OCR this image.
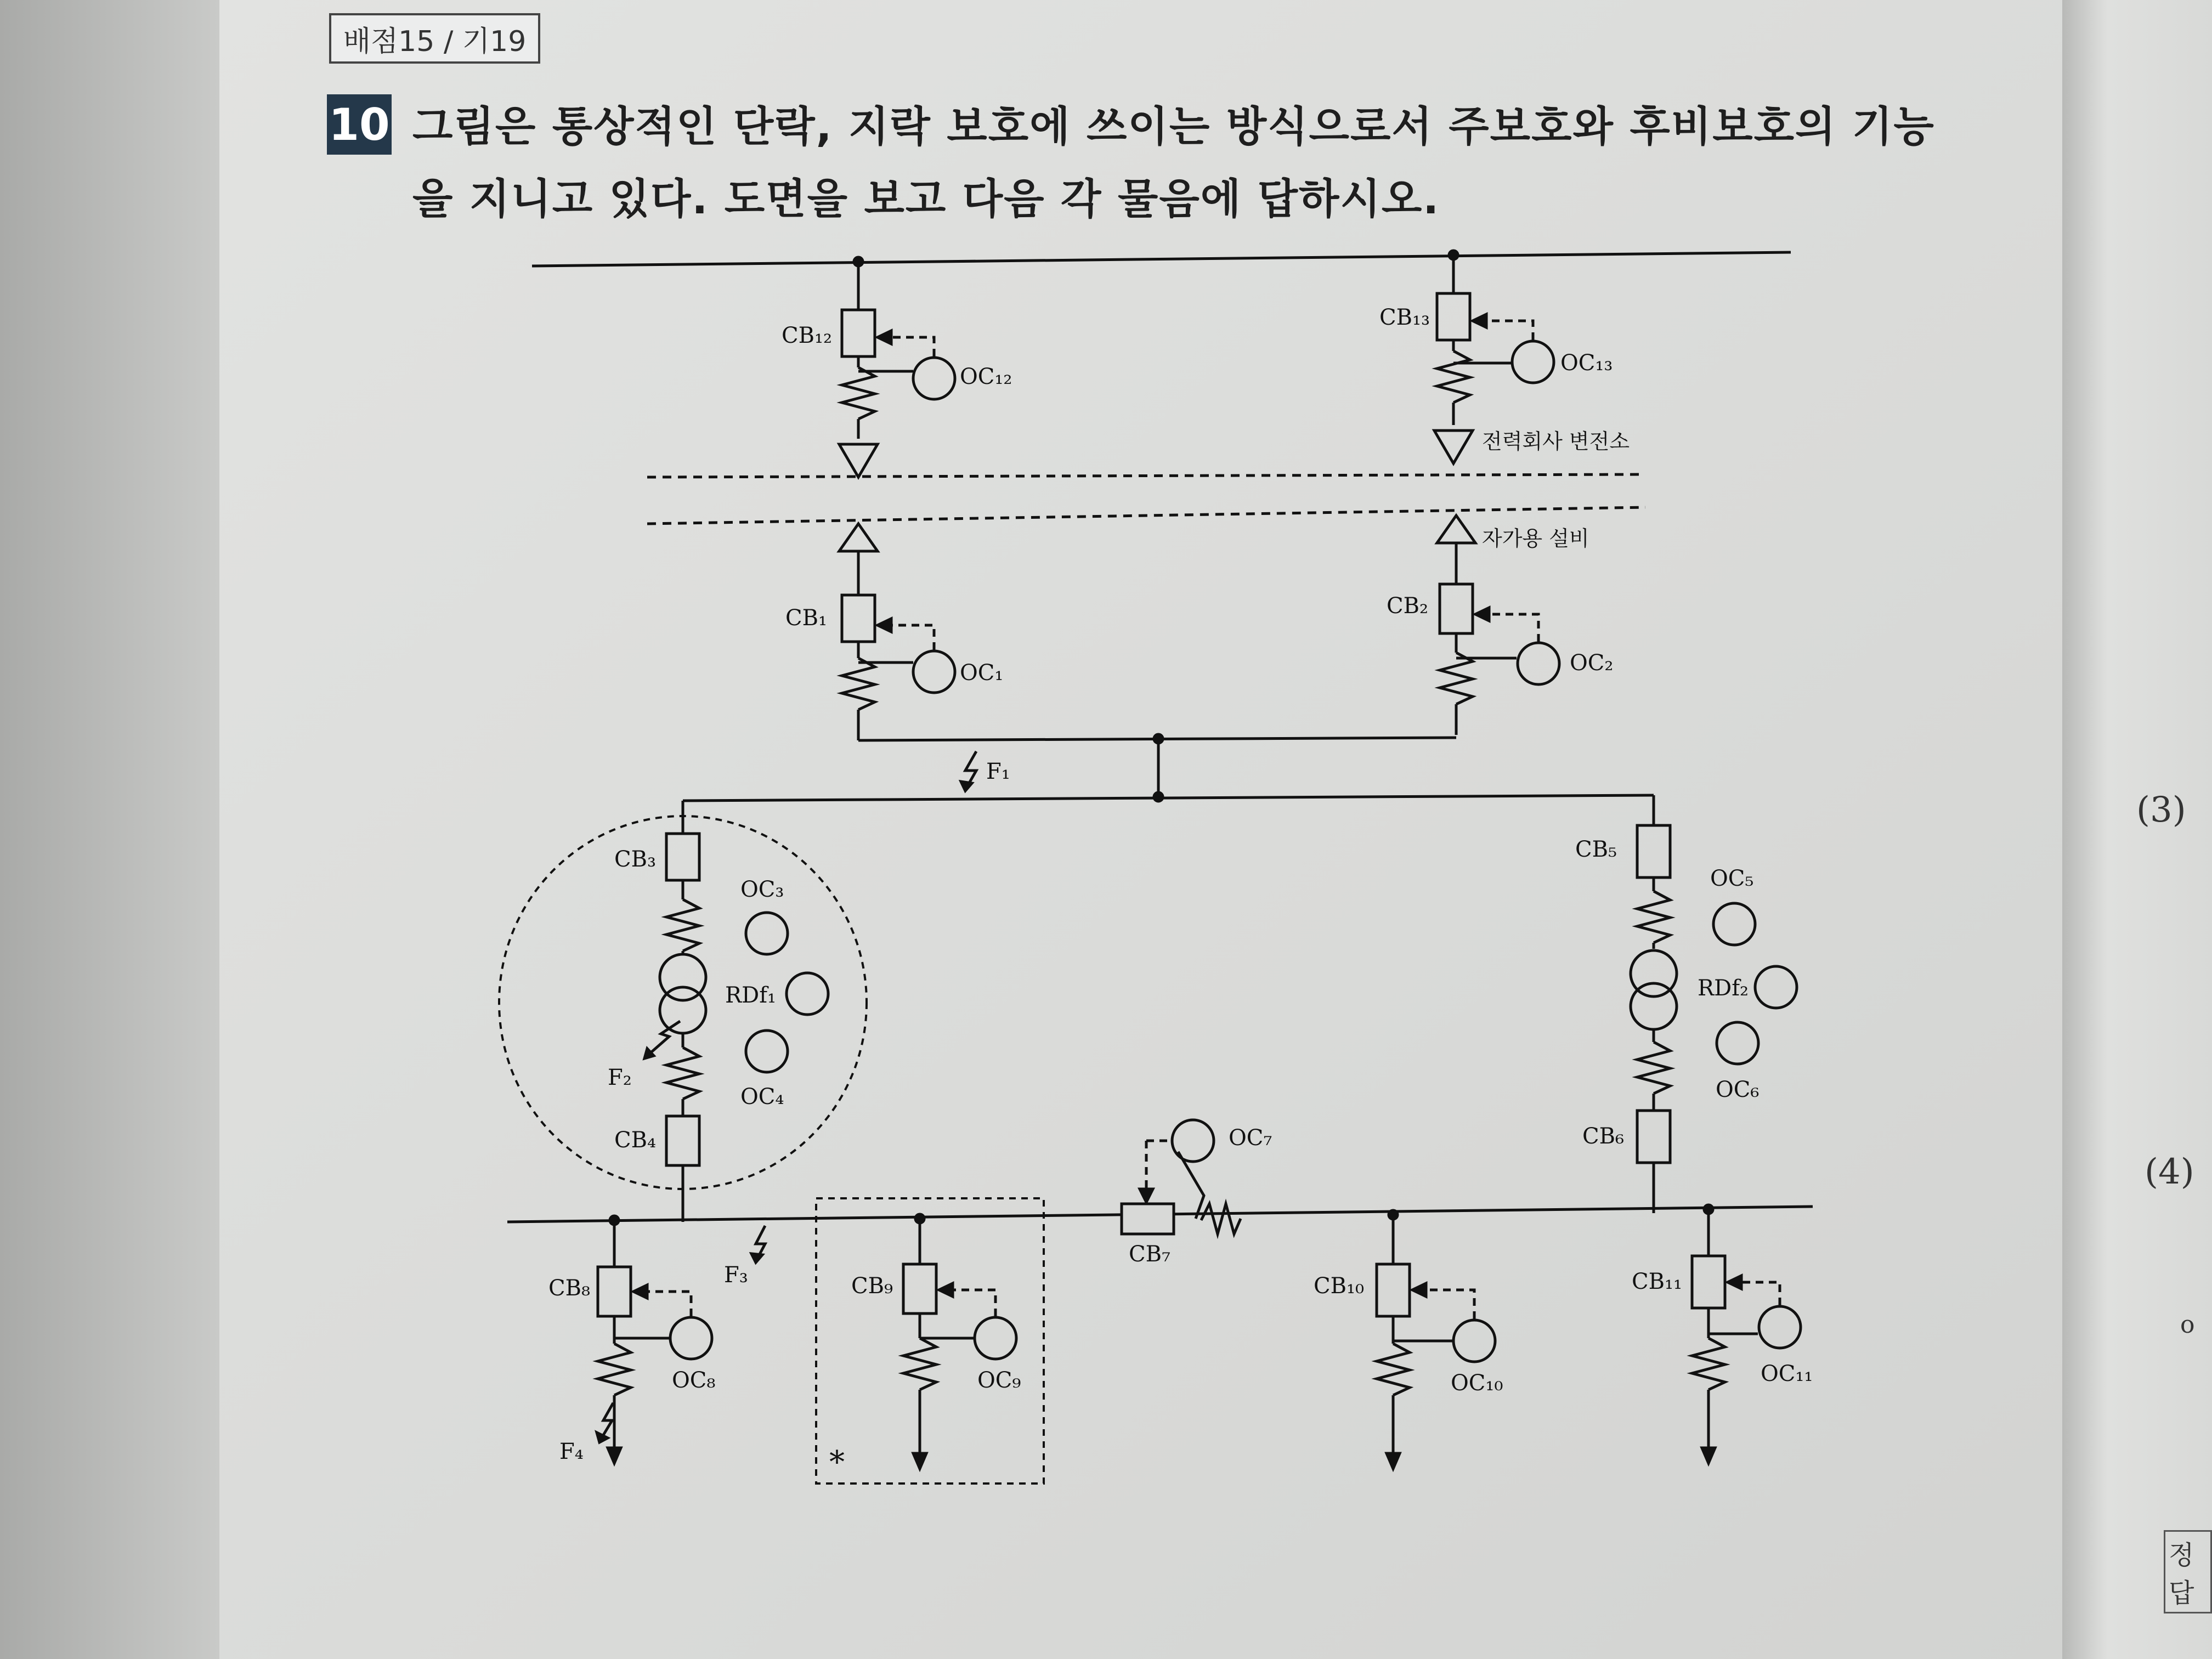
배점15 / 기19
10 그림은 통상적인 단락, 지락 보호에 쓰이는 방식으로서 주보호와 후비보호의 기능을 지니고 있다. 도면을 보고 다음 각 물음에 답하시오.
(3)
(4)
o
정답
CB₁₂
OC₁₂
CB₁₃
OC₁₃
전력회사 변전소
자가용 설비
CB₁
OC₁
CB₂
OC₂
F₁
CB₃
OC₃
RDf₁
F₂
OC₄
CB₄
CB₅
OC₅
RDf₂
OC₆
CB₆
OC₇
CB₇
F₃
CB₈
OC₈
F₄
CB₉
OC₉
*
CB₁₀
OC₁₀
CB₁₁
OC₁₁
